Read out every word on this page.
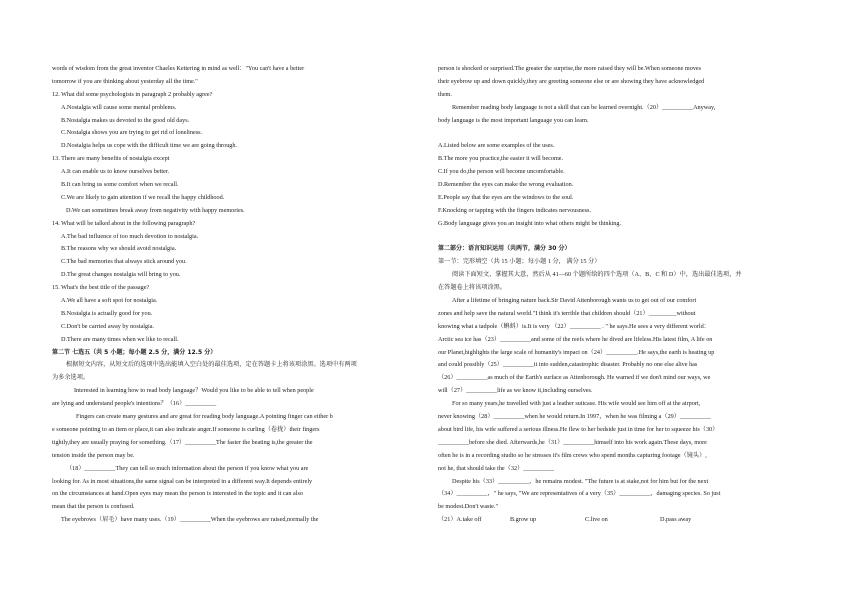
words of wisdom from the great inventor Chaeles Kettering in mind as well："You can't have a better
tomorrow if you are thinking about yesterday all the time."
12. What did some psychologists in paragraph 2 probably agree?
A.Nostalgia will cause some mental problems.
B.Nostalgia makes us devoted to the good old days.
C.Nostalgia shows you are trying to get rid of loneliness.
D.Nostalgia helps us cope with the difficult time we are going through.
13. There are many benefits of nostalgia except
A.It can enable us to know ourselves better.
B.It can bring us some comfort when we recall.
C.We are likely to gain attention if we recall the happy childhood.
D.We can sometimes break away from negativity with happy memories.
14. What will be talked about in the following paragraph?
A.The bad influence of too much devotion to nostalgia.
B.The reasons why we should avoid nostalgia.
C.The bad memories that always stick around you.
D.The great changes nostalgia will bring to you.
15. What's the best title of the passage?
A.We all have a soft spot for nostalgia.
B.Nostalgia is actually good for you.
C.Don't be carried away by nostalgia.
D.There are many times when we like to recall.
第二节 七选五（共 5 小题；每小题 2.5 分，满分 12.5 分）
根据短文内容，从短文后的选项中选出能填入空白处的最佳选项，定在答题卡上将该项涂黑。选项中有两项
为多余选项。
Interested in learning how to read body language？Would you like to be able to tell when people
are lying and understand people's intentions？（16）__________
Fingers can create many gestures and are great for reading body language.A pointing finger can either b
e someone pointing to an item or place,it can also indicate anger.If someone is curling（卷拢）their fingers
tightly,they are usually praying for something.（17）__________The faster the beating is,the greater the
tension inside the person may be.
（18）__________They can tell so much information about the person if you know what you are
looking for. As in most situations,the same signal can be interpreted in a different way.It depends entirely
on the circumstances at hand.Open eyes may mean the person is interested in the topic and it can also
mean that the person is confused.
The eyebrows（眉毛）have many uses.（19）__________When the eyebrows are raised,normally the
person is shocked or surprised.The greater the surprise,the more raised they will be.When someone moves
their eyebrow up and down quickly,they are greeting someone else or are showing they have acknowledged
them.
Remember reading body language is not a skill that can be learned overnight.（20）__________Anyway,
body language is the most important language you can learn.
A.Listed below are some examples of the uses.
B.The more you practice,the easier it will become.
C.If you do,the person will become uncomfortable.
D.Remember the eyes can make the wrong evaluation.
E.People say that the eyes are the windows to the soul.
F.Knocking or tapping with the fingers indicates nervousness.
G.Body language gives you an insight into what others might be thinking.
第二部分：语言知识运用（共两节，满分 30 分）
第一节：完形填空（共 15 小题；每小题 1 分， 满分 15 分）
阅读下面短文，掌握其大意，然后从 41—60 个题所给的四个选项（A、B、C 和 D）中，选出最佳选项，并
在答题卷上将该项涂黑。
After a lifetime of bringing nature back.Sir David Attenborough wants us to get out of our comfort
zones and help save the natural world."I think it's terrible that children should（21）_________without
knowing what a tadpole（蝌蚪）is.It is very （22）__________ . " he says.He sees a very different world：
Arctic sea ice has（23）__________and some of the reefs where he dived are lifeless.His latest film, A life on
our Planet,highlights the large scale of humanity's impact on（24）__________.He says,the earth is heating up
and could possibly（25）__________it into sudden,catastrophic disaster. Probably no one else alive has
（26）__________as much of the Earth's surface as Attenborough. He warned if we don't mind our ways, we
will（27）__________life as we know it,including ourselves.
For so many years,he travelled with just a leather suitcase. His wife would see him off at the airport,
never knowing（28）__________when he would return.In 1997，when he was filming a（29）__________
about bird life, his wife suffered a serious illness.He flew to her bedside just in time for her to squeeze his（30）
__________before she died. Afterwards,he（31）__________himself into his work again.These days, more
often he is in a recording studio so he stresses it's film crews who spend months capturing footage（镜头）,
not he, that should take the（32）__________
Despite his（33）__________，he remains modest. "The future is at stake,not for him but for the next
（34）__________，" he says, "We are representatives of a very（35）__________，damaging species. So just
be modest.Don't waste."
（21）A.take off	B.grow up	C.live on	D.pass away
